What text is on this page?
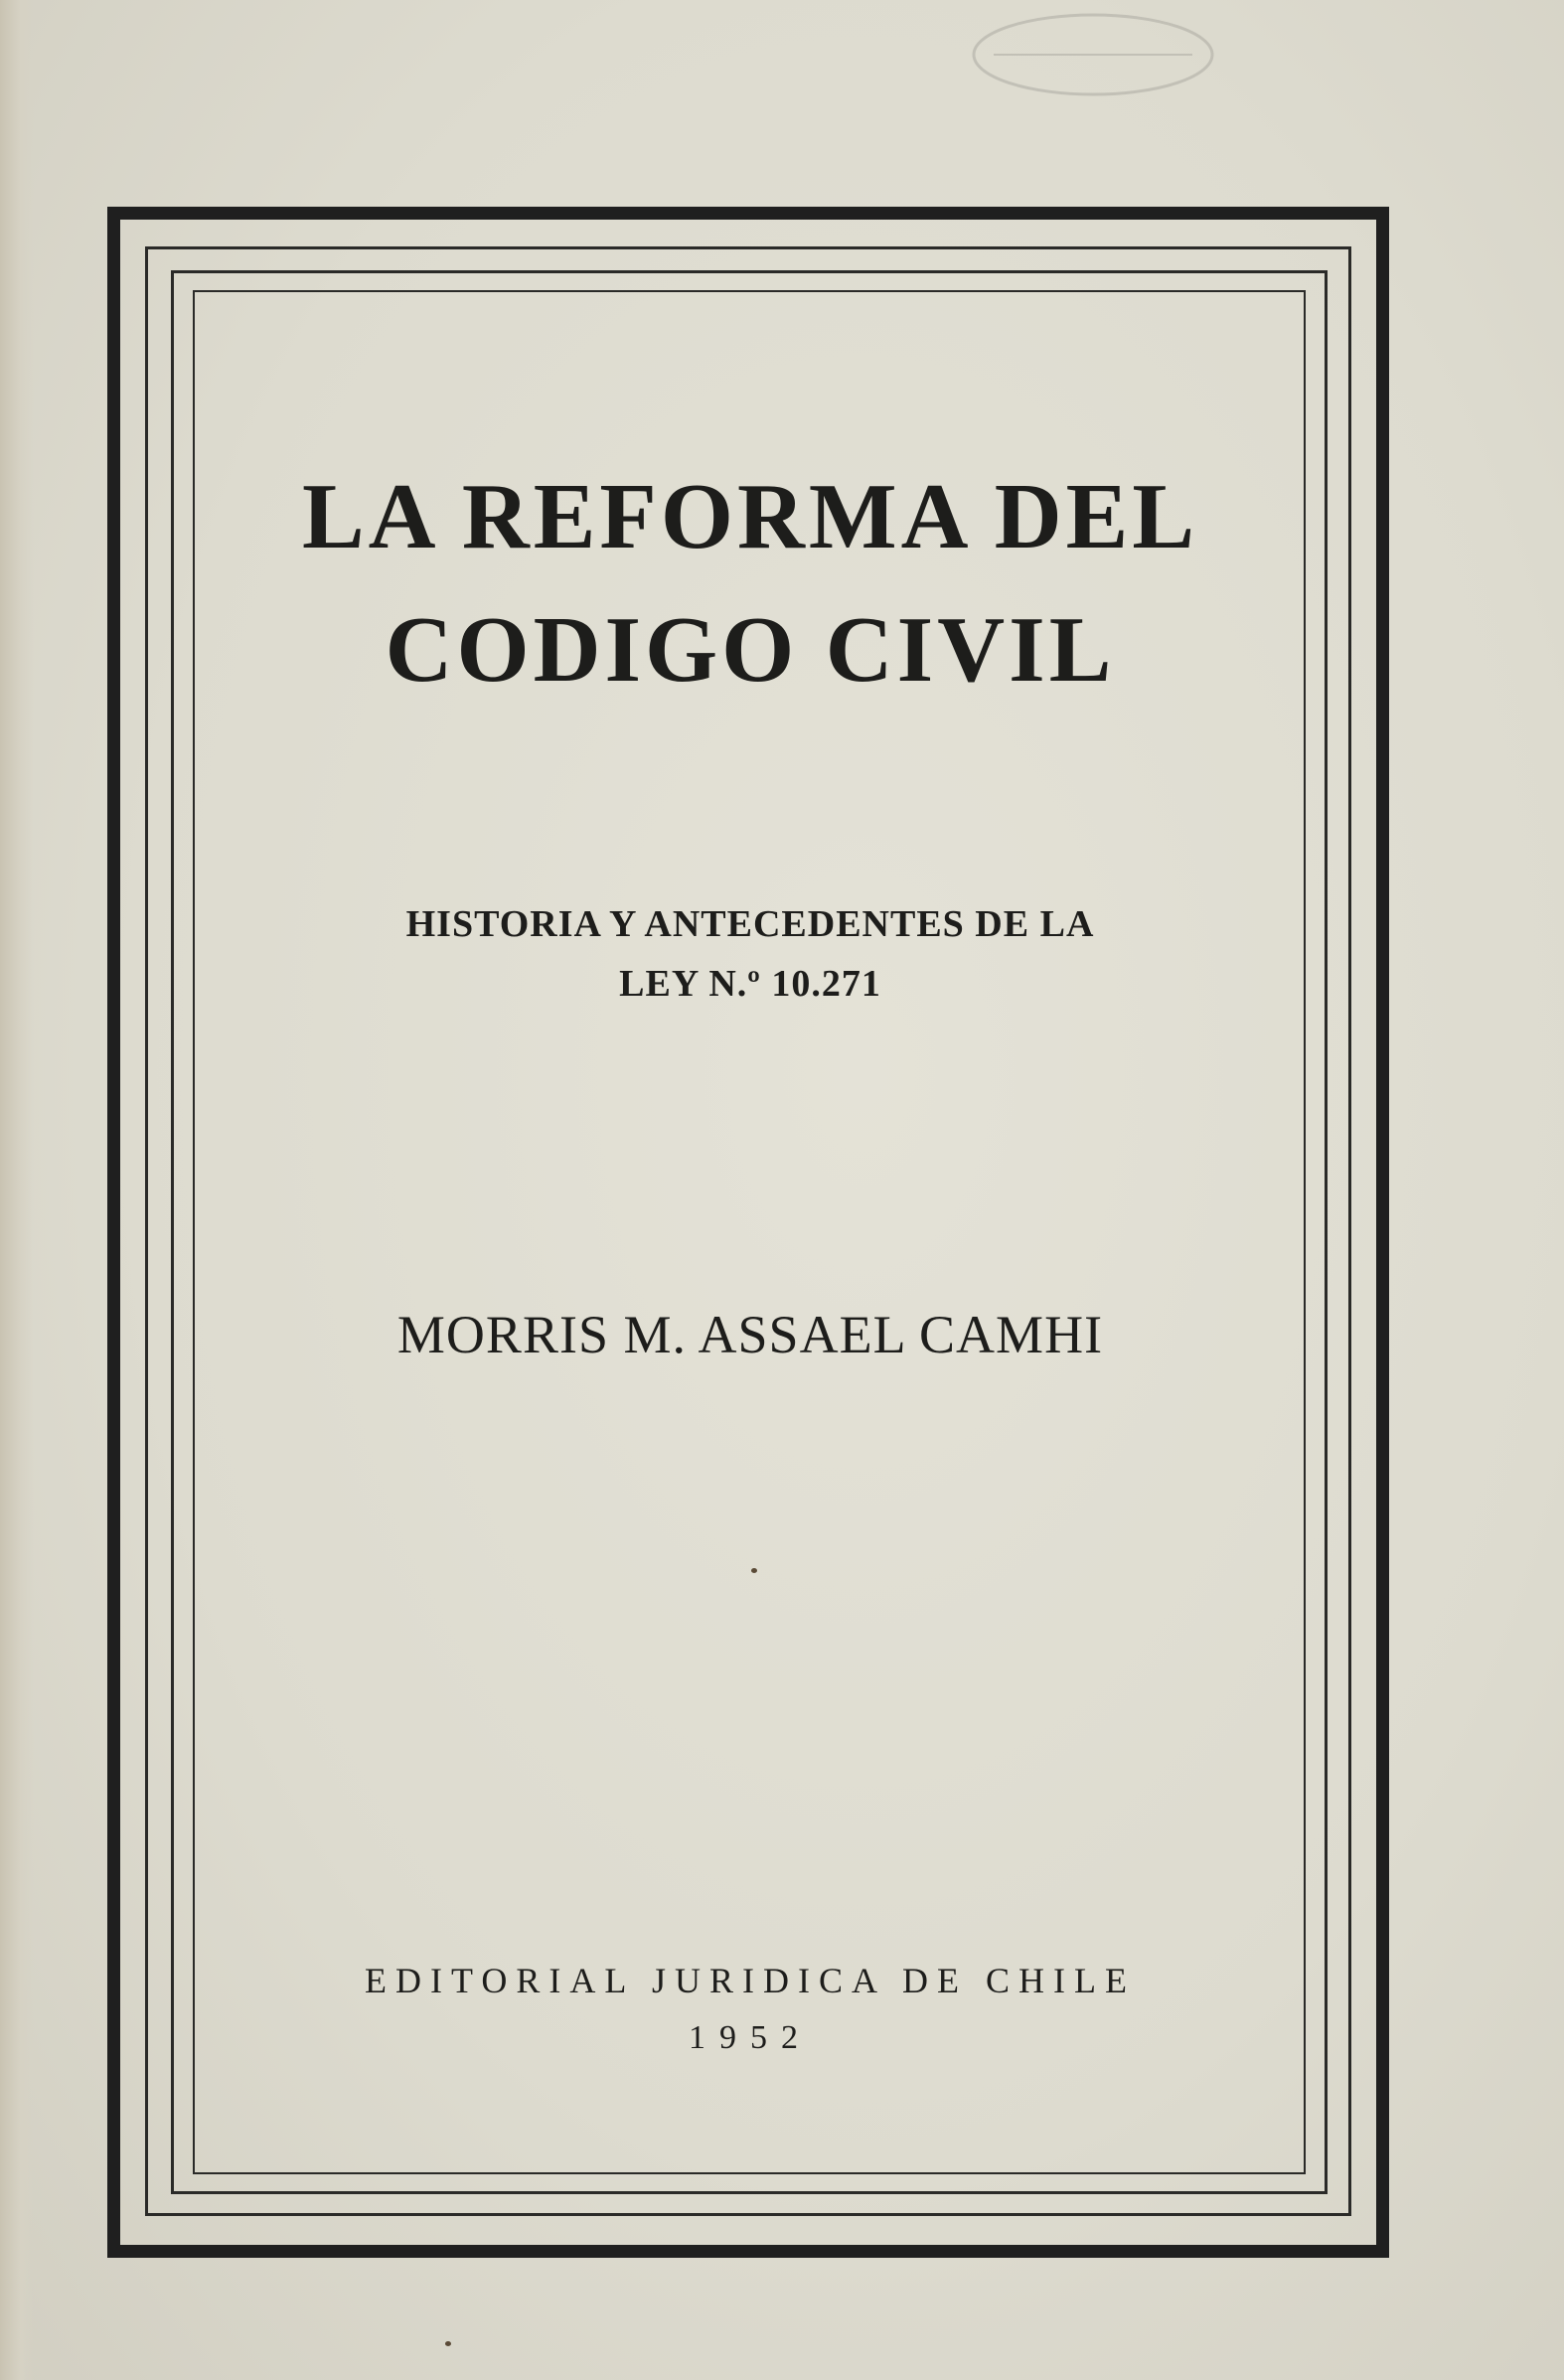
LA REFORMA DEL
CODIGO CIVIL
HISTORIA Y ANTECEDENTES DE LA
LEY N.º 10.271
MORRIS M. ASSAEL CAMHI
EDITORIAL JURIDICA DE CHILE
1952
